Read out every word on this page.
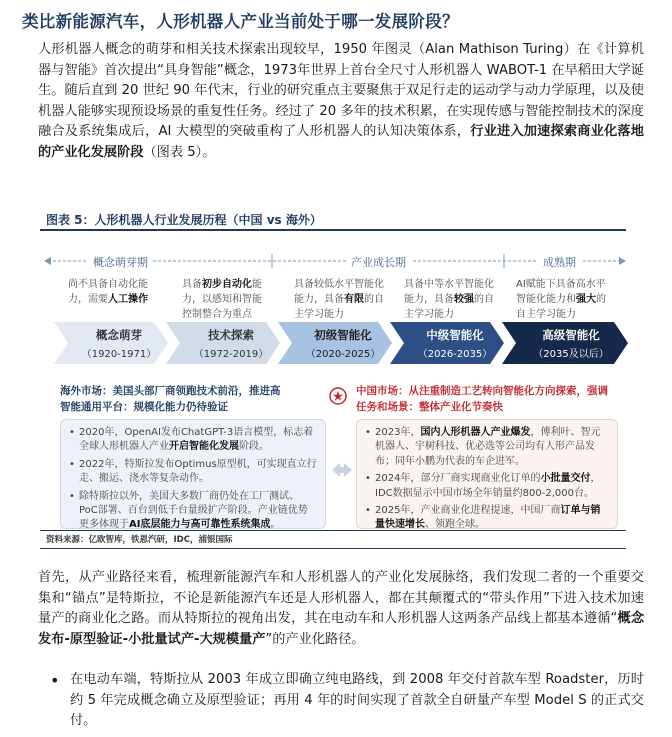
类比新能源汽车，人形机器人产业当前处于哪一发展阶段？

人形机器人概念的萌芽和相关技术探索出现较早，1950 年图灵（Alan Mathison Turing）在《计算机器与智能》首次提出“具身智能”概念，1973年世界上首台全尺寸人形机器人 WABOT-1 在早稻田大学诞生。随后直到 20 世纪 90 年代末，行业的研究重点主要聚焦于双足行走的运动学与动力学原理，以及使机器人能够实现预设场景的重复性任务。经过了 20 多年的技术积累，在实现传感与智能控制技术的深度融合及系统集成后，AI 大模型的突破重构了人形机器人的认知决策体系，行业进入加速探索商业化落地的产业化发展阶段（图表 5）。

图表 5：人形机器人行业发展历程（中国 vs 海外）
概念萌芽期	产业成长期	成熟期
尚不具备自动化能力，需要人工操作
具备初步自动化能力，以感知和智能控制整合为重点
具备较低水平智能化能力，具备有限的自主学习能力
具备中等水平智能化能力，具备较强的自主学习能力
AI赋能下具备高水平智能化能力和强大的自主学习能力
概念萌芽
（1920-1971）
技术探索
（1972-2019）
初级智能化
（2020-2025）
中级智能化
（2026-2035）
高级智能化
（2035及以后）
海外市场：美国头部厂商领跑技术前沿，推进高智能通用平台：规模化能力仍待验证
中国市场：从注重制造工艺转向智能化方向探索，强调任务和场景：整体产业化节奏快
• 2020年，OpenAI发布ChatGPT-3语言模型，标志着全球人形机器人产业开启智能化发展阶段。
• 2022年，特斯拉发布Optimus原型机，可实现直立行走、搬运、浇水等复杂动作。
• 除特斯拉以外，美国大多数厂商仍处在工厂测试、PoC部署、百台到低千台量级扩产阶段。产业链优势更多体现于AI底层能力与高可靠性系统集成。
• 2023年，国内人形机器人产业爆发，傅利叶、智元机器人、宇树科技、优必选等公司均有人形产品发布；同年小鹏为代表的车企进军。
• 2024年，部分厂商实现商业化订单的小批量交付，IDC数据显示中国市场全年销量约800-2,000台。
• 2025年，产业商业化进程提速，中国厂商订单与销量快速增长、领跑全球。
资料来源：亿欧智库，铁恩汽研，IDC，浦银国际

首先，从产业路径来看，梳理新能源汽车和人形机器人的产业化发展脉络，我们发现二者的一个重要交集和“锚点”是特斯拉，不论是新能源汽车还是人形机器人，都在其颠覆式的“带头作用”下进入技术加速量产的商业化之路。而从特斯拉的视角出发，其在电动车和人形机器人这两条产品线上都基本遵循“概念发布-原型验证-小批量试产-大规模量产”的产业化路径。

• 在电动车端，特斯拉从 2003 年成立即确立纯电路线，到 2008 年交付首款车型 Roadster，历时约 5 年完成概念确立及原型验证；再用 4 年的时间实现了首款全自研量产车型 Model S 的正式交付。
